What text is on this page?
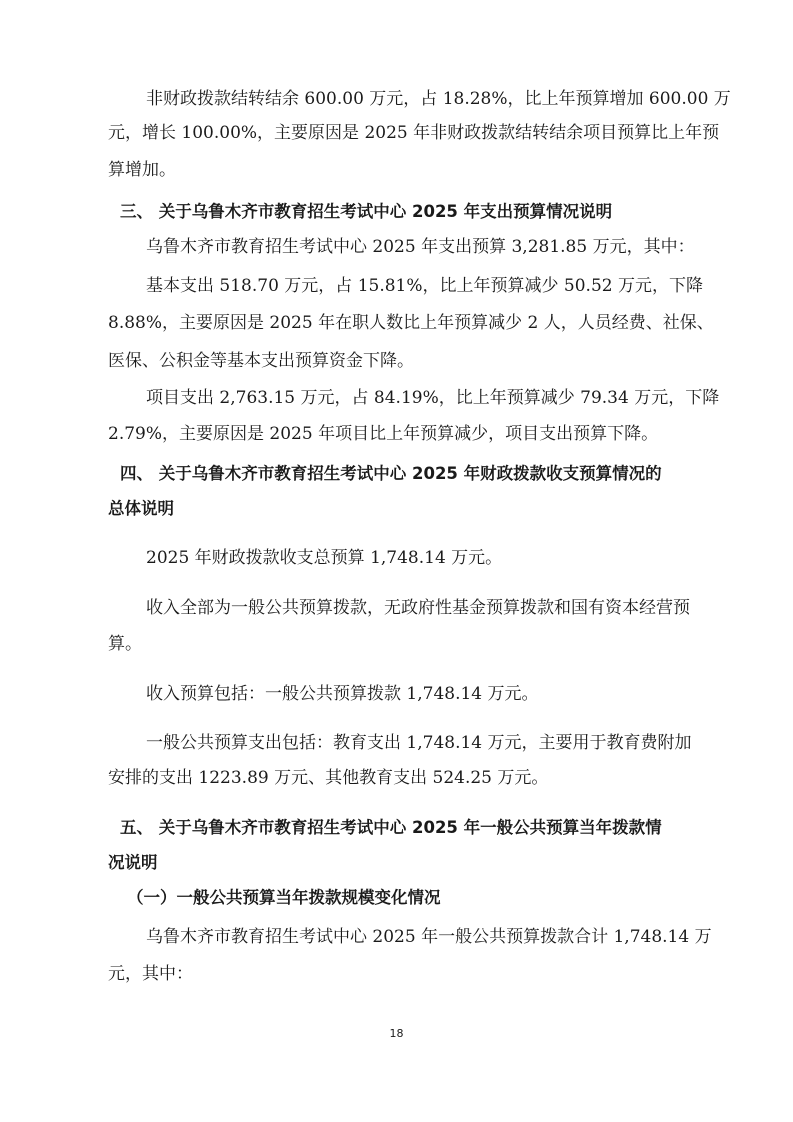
非财政拨款结转结余 600.00 万元，占 18.28%，比上年预算增加 600.00 万
元，增长 100.00%，主要原因是 2025 年非财政拨款结转结余项目预算比上年预
算增加。
三、 关于乌鲁木齐市教育招生考试中心 2025 年支出预算情况说明
乌鲁木齐市教育招生考试中心 2025 年支出预算 3,281.85 万元，其中：
基本支出 518.70 万元，占 15.81%，比上年预算减少 50.52 万元，下降
8.88%，主要原因是 2025 年在职人数比上年预算减少 2 人，人员经费、社保、
医保、公积金等基本支出预算资金下降。
项目支出 2,763.15 万元，占 84.19%，比上年预算减少 79.34 万元，下降
2.79%，主要原因是 2025 年项目比上年预算减少，项目支出预算下降。
四、 关于乌鲁木齐市教育招生考试中心 2025 年财政拨款收支预算情况的
总体说明
2025 年财政拨款收支总预算 1,748.14 万元。
收入全部为一般公共预算拨款，无政府性基金预算拨款和国有资本经营预
算。
收入预算包括：一般公共预算拨款 1,748.14 万元。
一般公共预算支出包括：教育支出 1,748.14 万元，主要用于教育费附加
安排的支出 1223.89 万元、其他教育支出 524.25 万元。
五、 关于乌鲁木齐市教育招生考试中心 2025 年一般公共预算当年拨款情
况说明
（一）一般公共预算当年拨款规模变化情况
乌鲁木齐市教育招生考试中心 2025 年一般公共预算拨款合计 1,748.14 万
元，其中：
18
